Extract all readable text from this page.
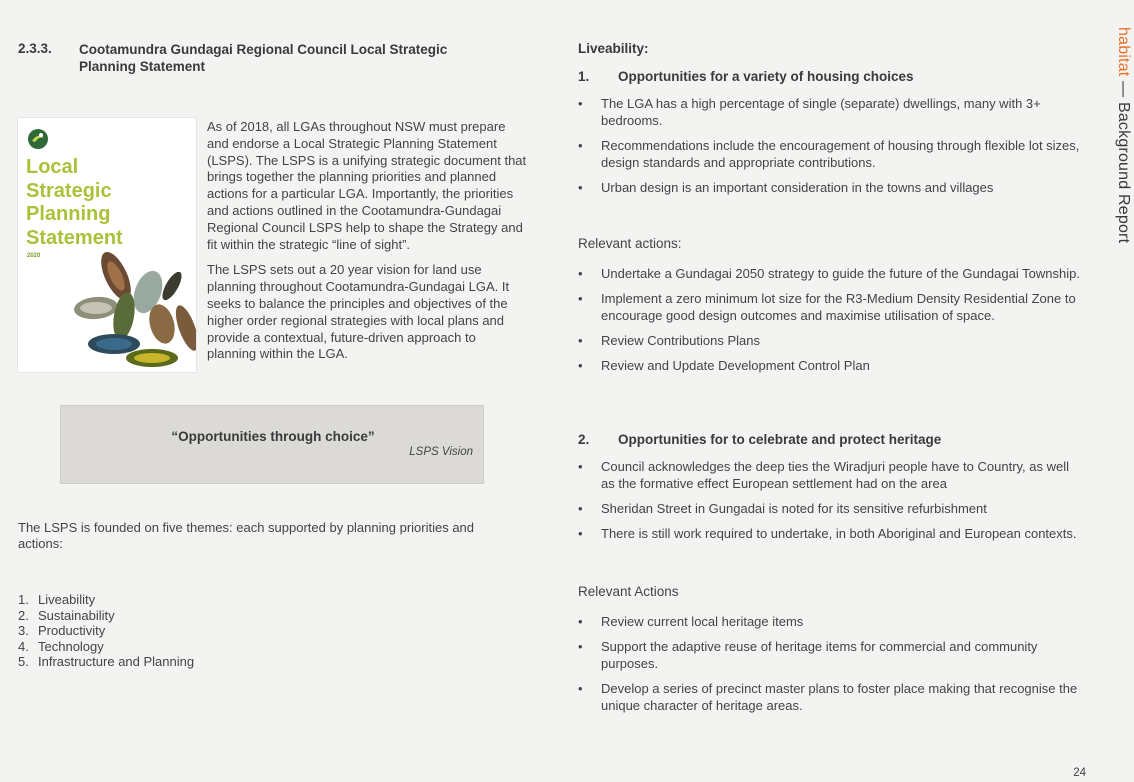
2.3.3. Cootamundra Gundagai Regional Council Local Strategic Planning Statement
Local
Strategic
Planning
Statement
2020

As of 2018, all LGAs throughout NSW must prepare and endorse a Local Strategic Planning Statement (LSPS). The LSPS is a unifying strategic document that brings together the planning priorities and planned actions for a particular LGA. Importantly, the priorities and actions outlined in the Cootamundra-Gundagai Regional Council LSPS help to shape the Strategy and fit within the strategic “line of sight”.

The LSPS sets out a 20 year vision for land use planning throughout Cootamundra-Gundagai LGA. It seeks to balance the principles and objectives of the higher order regional strategies with local plans and provide a contextual, future-driven approach to planning within the LGA.

“Opportunities through choice”
LSPS Vision
The LSPS is founded on five themes: each supported by planning priorities and actions:
1. Liveability
2. Sustainability
3. Productivity
4. Technology
5. Infrastructure and Planning
Liveability:
1. Opportunities for a variety of housing choices
• The LGA has a high percentage of single (separate) dwellings, many with 3+ bedrooms.
• Recommendations include the encouragement of housing through flexible lot sizes, design standards and appropriate contributions.
• Urban design is an important consideration in the towns and villages
Relevant actions:
• Undertake a Gundagai 2050 strategy to guide the future of the Gundagai Township.
• Implement a zero minimum lot size for the R3-Medium Density Residential Zone to encourage good design outcomes and maximise utilisation of space.
• Review Contributions Plans
• Review and Update Development Control Plan
2. Opportunities for to celebrate and protect heritage
• Council acknowledges the deep ties the Wiradjuri people have to Country, as well as the formative effect European settlement had on the area
• Sheridan Street in Gungadai is noted for its sensitive refurbishment
• There is still work required to undertake, in both Aboriginal and European contexts.
Relevant Actions
• Review current local heritage items
• Support the adaptive reuse of heritage items for commercial and community purposes.
• Develop a series of precinct master plans to foster place making that recognise the unique character of heritage areas.
habitat — Background Report
24
